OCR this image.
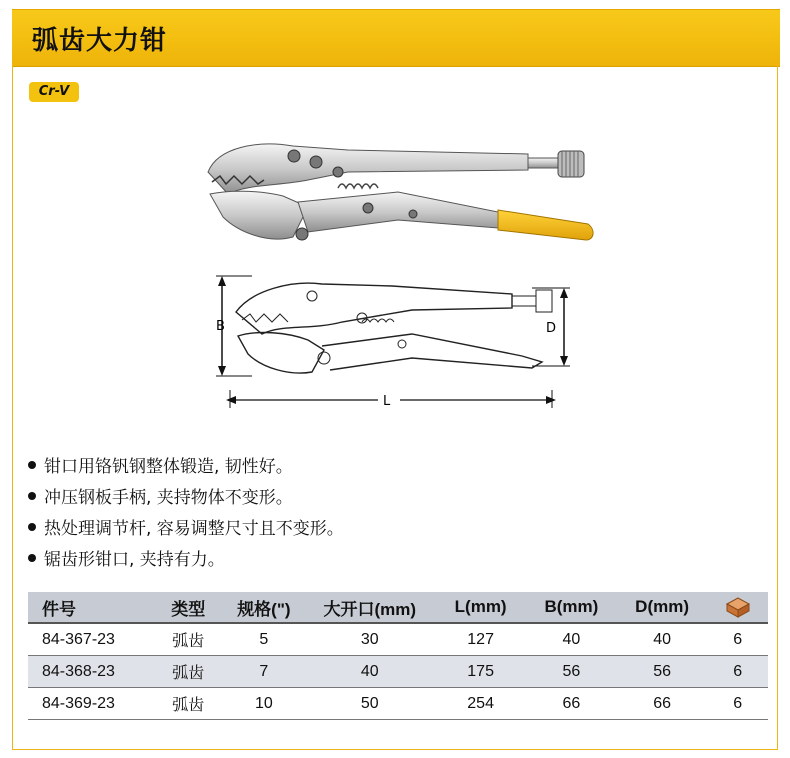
弧齿大力钳
Cr-V
B	D
L
钳口用铬钒钢整体锻造, 韧性好。
冲压钢板手柄, 夹持物体不变形。
热处理调节杆, 容易调整尺寸且不变形。
锯齿形钳口, 夹持有力。
件号	类型	规格(")	大开口(mm)	L(mm)	B(mm)	D(mm)	
84-367-23	弧齿	5	30	127	40	40	6
84-368-23	弧齿	7	40	175	56	56	6
84-369-23	弧齿	10	50	254	66	66	6
